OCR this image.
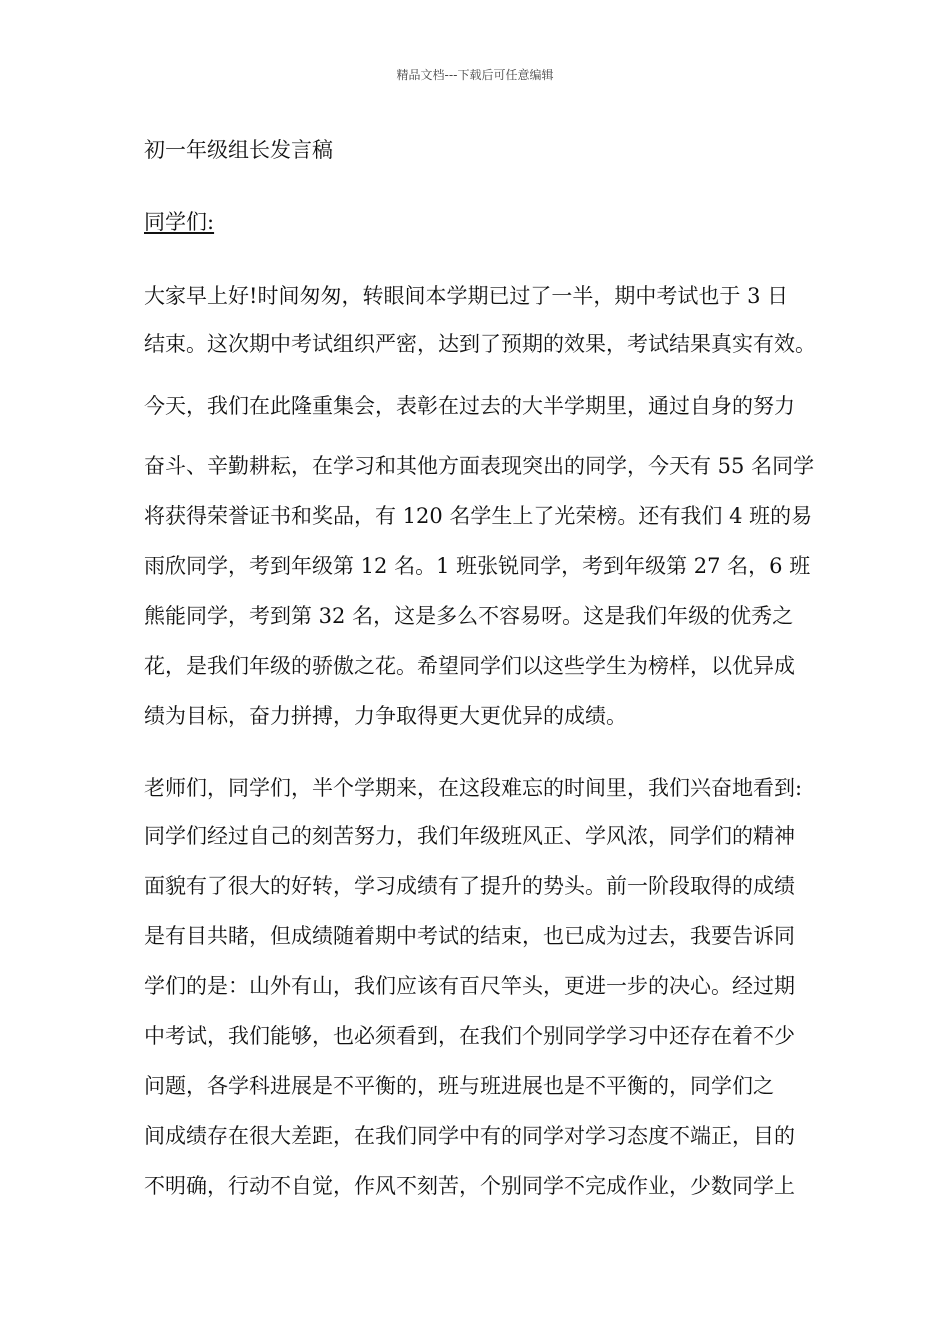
精品文档---下载后可任意编辑
初一年级组长发言稿
同学们:
大家早上好!时间匆匆，转眼间本学期已过了一半，期中考试也于 3 日
结束。这次期中考试组织严密，达到了预期的效果，考试结果真实有效。
今天，我们在此隆重集会，表彰在过去的大半学期里，通过自身的努力
奋斗、辛勤耕耘，在学习和其他方面表现突出的同学，今天有 55 名同学
将获得荣誉证书和奖品，有 120 名学生上了光荣榜。还有我们 4 班的易
雨欣同学，考到年级第 12 名。1 班张锐同学，考到年级第 27 名，6 班
熊能同学，考到第 32 名，这是多么不容易呀。这是我们年级的优秀之
花，是我们年级的骄傲之花。希望同学们以这些学生为榜样，以优异成
绩为目标，奋力拼搏，力争取得更大更优异的成绩。
老师们，同学们，半个学期来，在这段难忘的时间里，我们兴奋地看到:
同学们经过自己的刻苦努力，我们年级班风正、学风浓，同学们的精神
面貌有了很大的好转，学习成绩有了提升的势头。前一阶段取得的成绩
是有目共睹，但成绩随着期中考试的结束，也已成为过去，我要告诉同
学们的是：山外有山，我们应该有百尺竿头，更进一步的决心。经过期
中考试，我们能够，也必须看到，在我们个别同学学习中还存在着不少
问题，各学科进展是不平衡的，班与班进展也是不平衡的，同学们之
间成绩存在很大差距，在我们同学中有的同学对学习态度不端正，目的
不明确，行动不自觉，作风不刻苦，个别同学不完成作业，少数同学上
